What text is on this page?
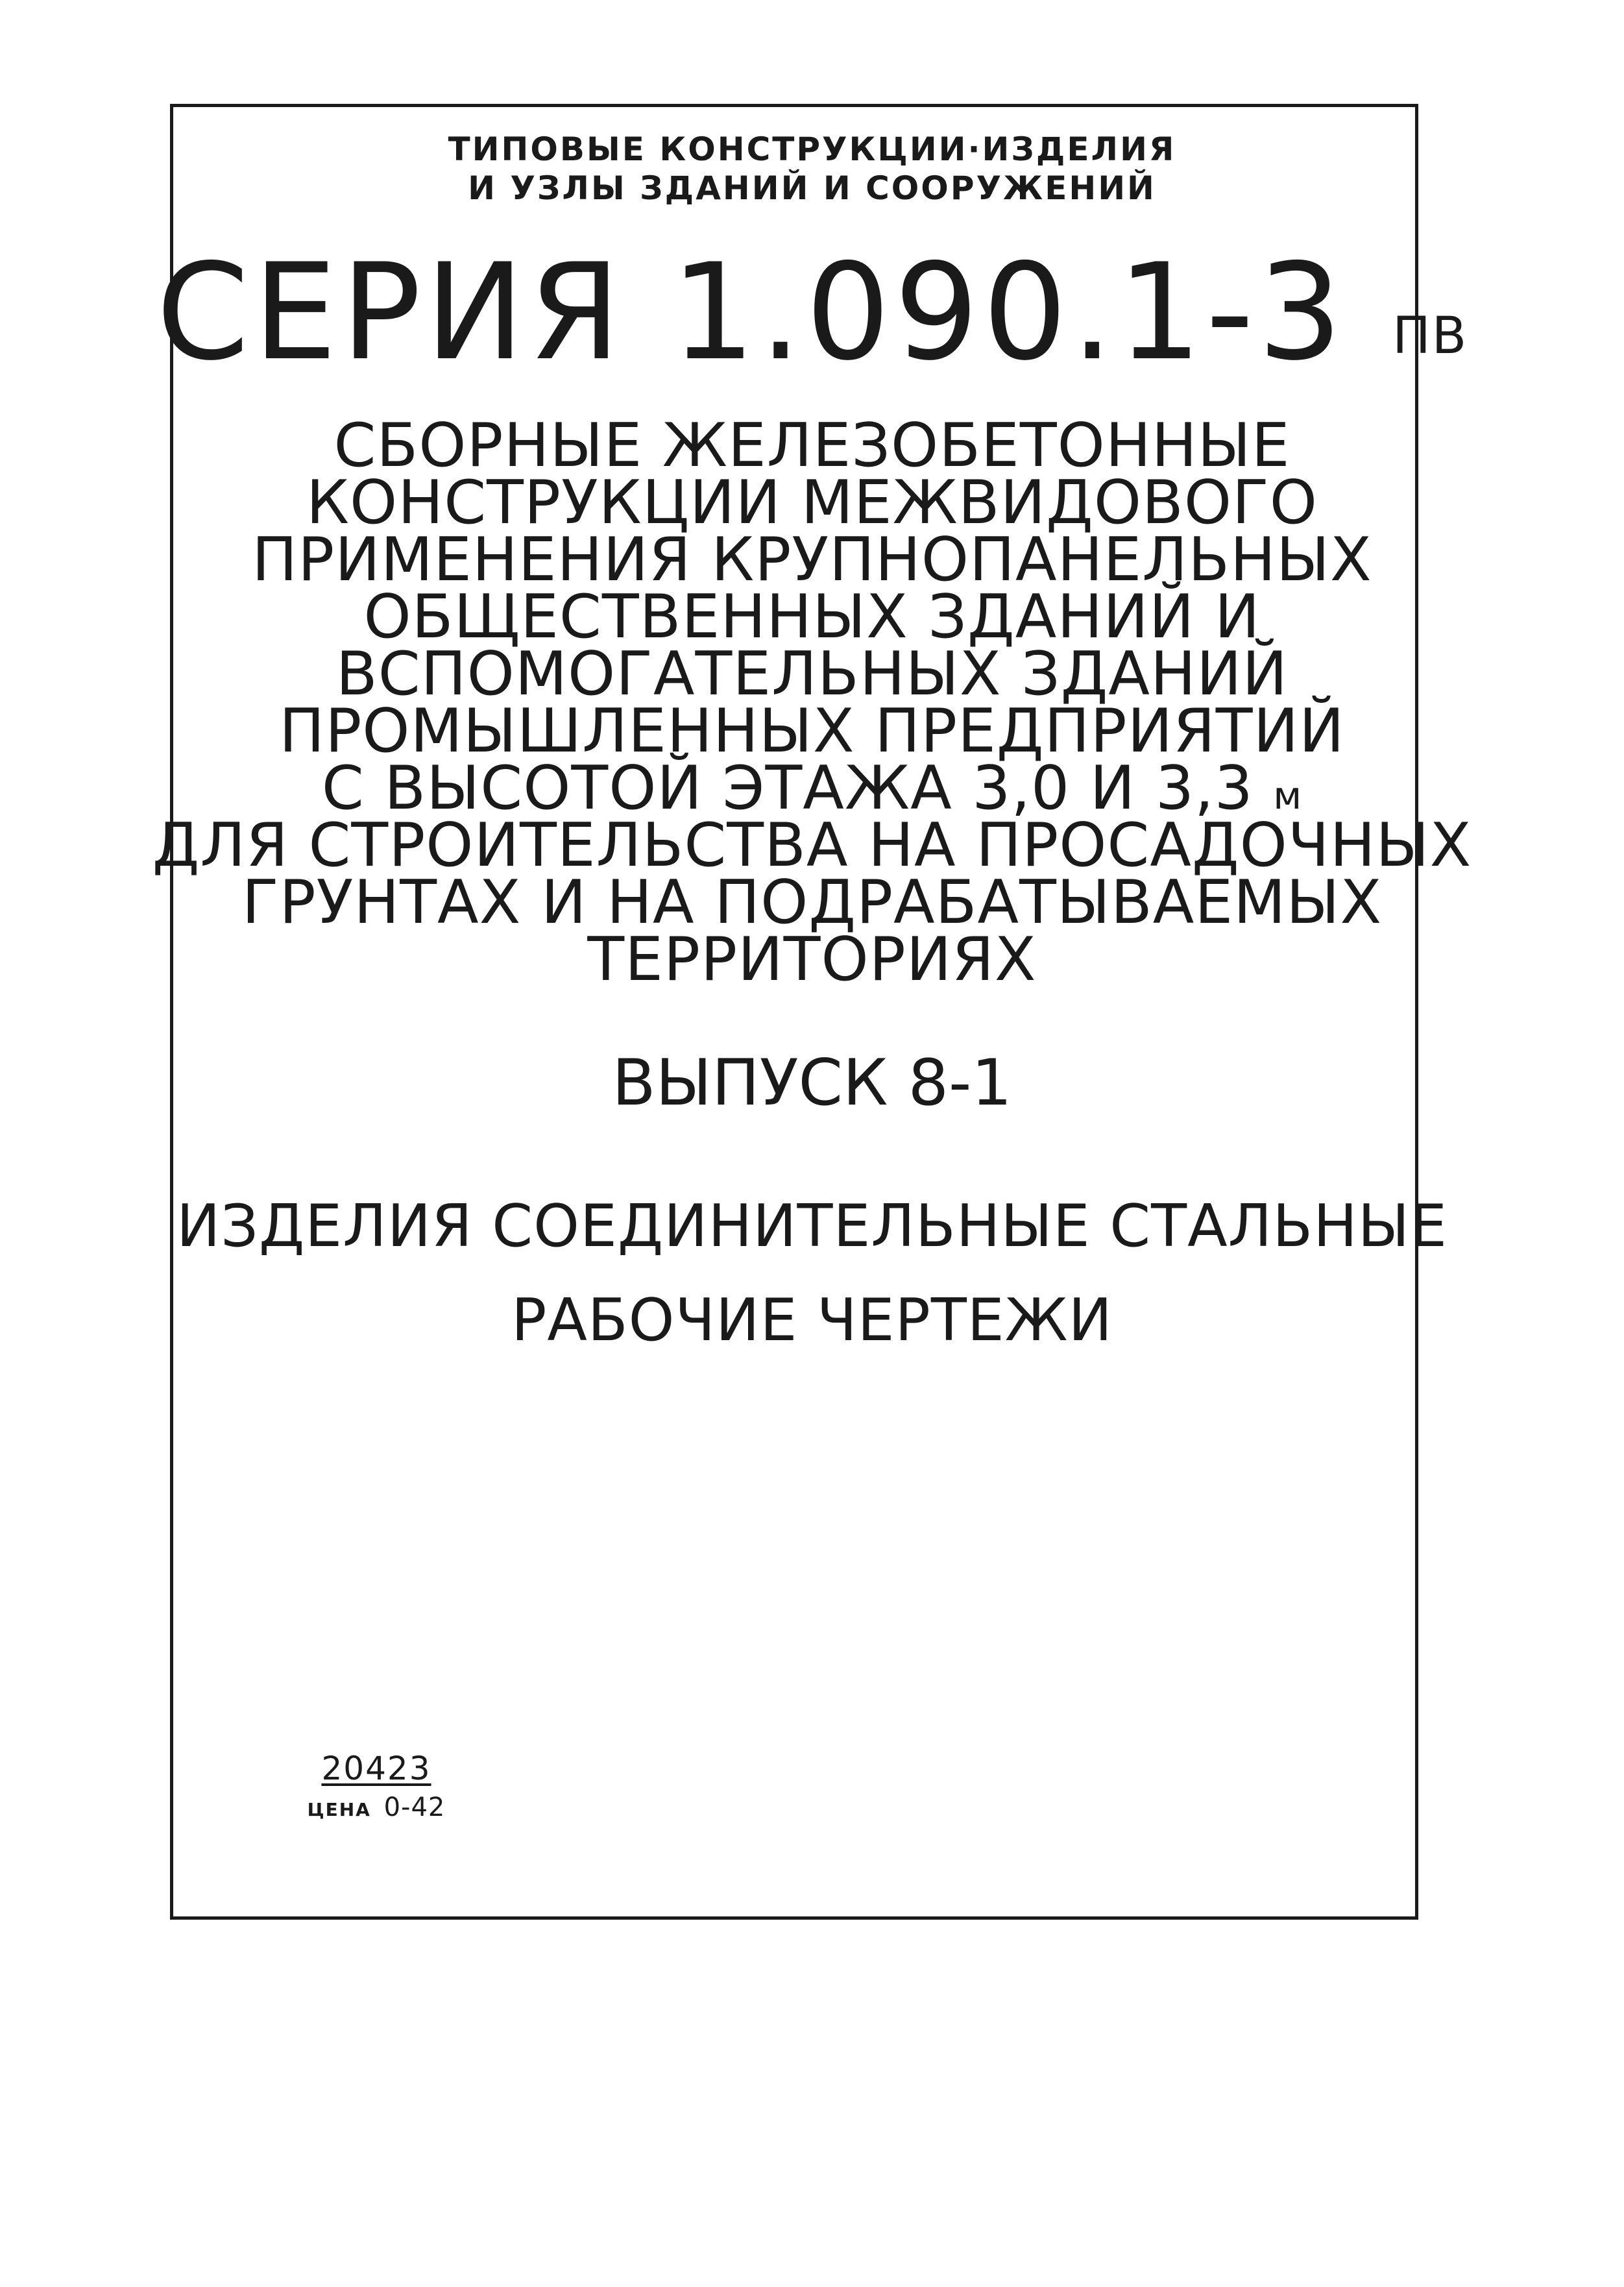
ТИПОВЫЕ КОНСТРУКЦИИ·ИЗДЕЛИЯ
И УЗЛЫ ЗДАНИЙ И СООРУЖЕНИЙ
СЕРИЯ 1.090.1-3 ПВ
СБОРНЫЕ ЖЕЛЕЗОБЕТОННЫЕ
КОНСТРУКЦИИ МЕЖВИДОВОГО
ПРИМЕНЕНИЯ КРУПНОПАНЕЛЬНЫХ
ОБЩЕСТВЕННЫХ ЗДАНИЙ И
ВСПОМОГАТЕЛЬНЫХ ЗДАНИЙ
ПРОМЫШЛЕННЫХ ПРЕДПРИЯТИЙ
С ВЫСОТОЙ ЭТАЖА 3,0 И 3,3 м
ДЛЯ СТРОИТЕЛЬСТВА НА ПРОСАДОЧНЫХ
ГРУНТАХ И НА ПОДРАБАТЫВАЕМЫХ
ТЕРРИТОРИЯХ
ВЫПУСК 8-1
ИЗДЕЛИЯ СОЕДИНИТЕЛЬНЫЕ СТАЛЬНЫЕ
РАБОЧИЕ ЧЕРТЕЖИ
20423
ЦЕНА 0-42
